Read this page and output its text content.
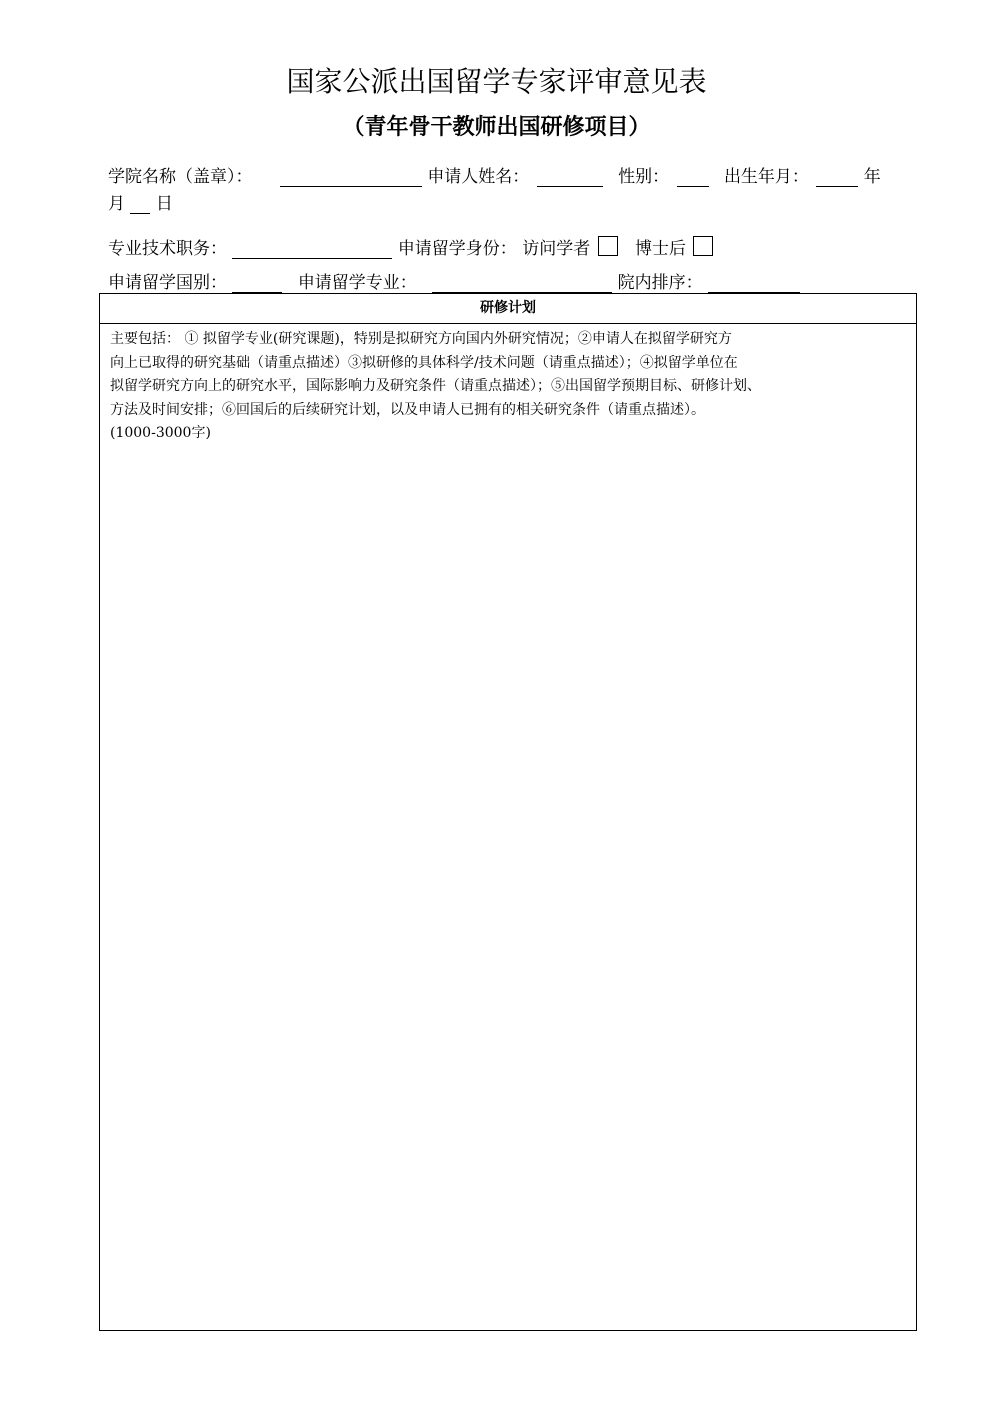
国家公派出国留学专家评审意见表
（青年骨干教师出国研修项目）
学院名称（盖章）：	申请人姓名：	性别：	出生年月：	年
月 日
专业技术职务：	申请留学身份： 访问学者	博士后
申请留学国别：	申请留学专业：	院内排序：
研修计划
主要包括： ① 拟留学专业(研究课题)，特别是拟研究方向国内外研究情况；②申请人在拟留学研究方
向上已取得的研究基础（请重点描述）③拟研修的具体科学/技术问题（请重点描述）；④拟留学单位在
拟留学研究方向上的研究水平，国际影响力及研究条件（请重点描述）；⑤出国留学预期目标、研修计划、
方法及时间安排；⑥回国后的后续研究计划，以及申请人已拥有的相关研究条件（请重点描述）。
(1000-3000字)
